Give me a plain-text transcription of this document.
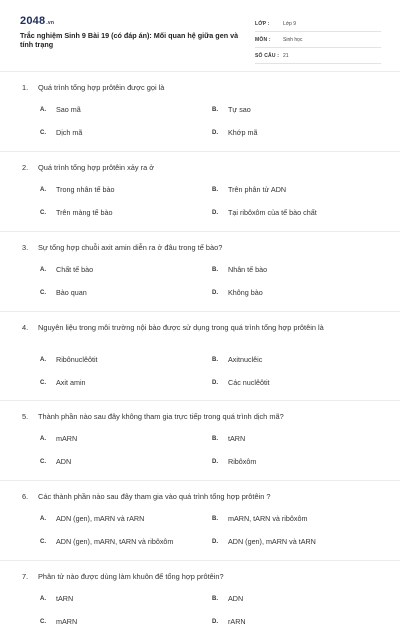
2048.vn
Trắc nghiệm Sinh 9 Bài 19 (có đáp án): Mối quan hệ giữa gen và tính trạng
LỚP :	Lớp 9
MÔN :	Sinh học
SỐ CÂU : 21
1.	Quá trình tổng hợp prôtêin được gọi là
A.	Sao mã	B.	Tự sao
C.	Dịch mã	D.	Khớp mã
2.	Quá trình tổng hợp prôtêin xảy ra ở
A.	Trong nhân tế bào	B.	Trên phân tử ADN
C.	Trên màng tế bào	D.	Tại ribôxôm của tế bào chất
3.	Sự tổng hợp chuỗi axit amin diễn ra ở đâu trong tế bào?
A.	Chất tế bào	B.	Nhân tế bào
C.	Bào quan	D.	Không bào
4.	Nguyên liệu trong môi trường nội bào được sử dụng trong quá trình tổng hợp prôtêin là
A.	Ribônuclêôtit	B.	Axitnuclêic
C.	Axit amin	D.	Các nuclêôtit
5.	Thành phần nào sau đây không tham gia trực tiếp trong quá trình dịch mã?
A.	mARN	B.	tARN
C.	ADN	D.	Ribôxôm
6.	Các thành phần nào sau đây tham gia vào quá trình tổng hợp prôtêin ?
A.	ADN (gen), mARN và rARN	B.	mARN, tARN và ribôxôm
C.	ADN (gen), mARN, tARN và ribôxôm	D.	ADN (gen), mARN và tARN
7.	Phân tử nào được dùng làm khuôn để tổng hợp prôtêin?
A.	tARN	B.	ADN
C.	mARN	D.	rARN
